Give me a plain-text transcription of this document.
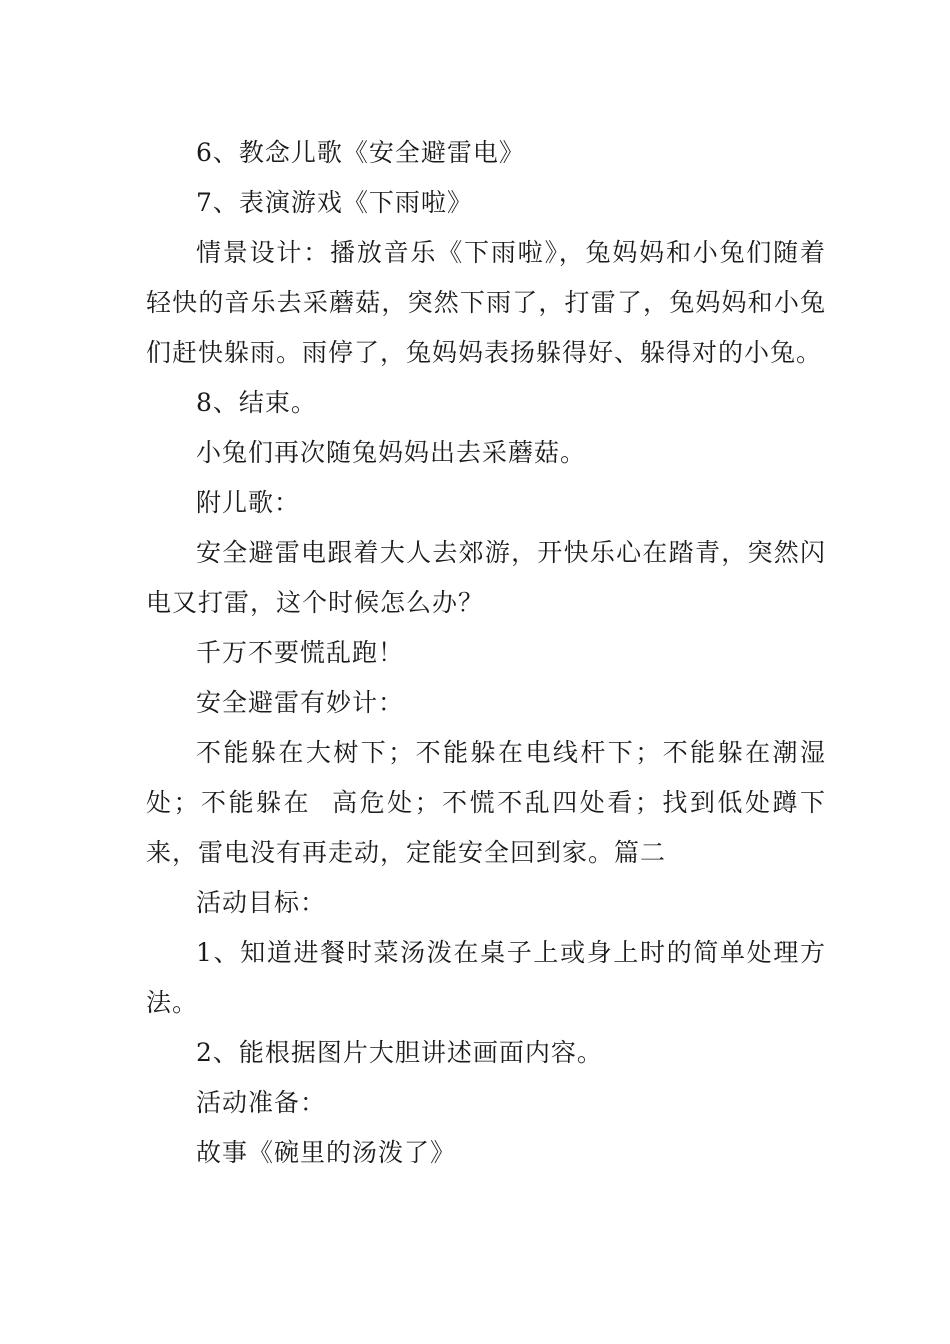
6、教念儿歌《安全避雷电》

7、表演游戏《下雨啦》

情景设计：播放音乐《下雨啦》，兔妈妈和小兔们随着轻快的音乐去采蘑菇，突然下雨了，打雷了，兔妈妈和小兔们赶快躲雨。雨停了，兔妈妈表扬躲得好、躲得对的小兔。

8、结束。

小兔们再次随兔妈妈出去采蘑菇。

附儿歌：

安全避雷电跟着大人去郊游，开快乐心在踏青，突然闪电又打雷，这个时候怎么办？

千万不要慌乱跑！

安全避雷有妙计：

不能躲在大树下；不能躲在电线杆下；不能躲在潮湿处；不能躲在  高危处；不慌不乱四处看；找到低处蹲下来，雷电没有再走动，定能安全回到家。篇二

活动目标：

1、知道进餐时菜汤泼在桌子上或身上时的简单处理方法。

2、能根据图片大胆讲述画面内容。

活动准备：

故事《碗里的汤泼了》
